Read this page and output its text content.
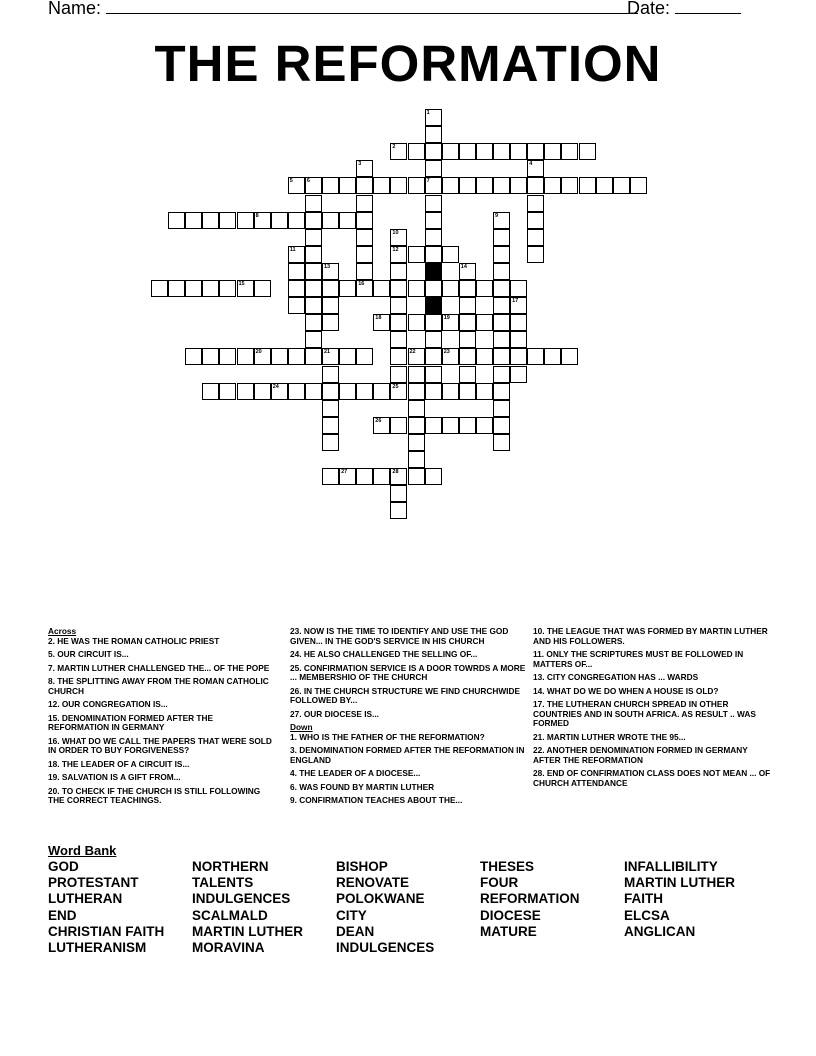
Name:	Date:
THE REFORMATION
1
7
2
3
16
4
5	6
8	9
10
12
11
13	14
15
17
18	19
20	21	22	23
24	25
26
27	28
Across
2. HE WAS THE ROMAN CATHOLIC PRIEST
5. OUR CIRCUIT IS...
7. MARTIN LUTHER CHALLENGED THE... OF THE POPE
8. THE SPLITTING AWAY FROM THE ROMAN CATHOLIC CHURCH
12. OUR CONGREGATION IS...
15. DENOMINATION FORMED AFTER THE REFORMATION IN GERMANY
16. WHAT DO WE CALL THE PAPERS THAT WERE SOLD IN ORDER TO BUY FORGIVENESS?
18. THE LEADER OF A CIRCUIT IS...
19. SALVATION IS A GIFT FROM...
20. TO CHECK IF THE CHURCH IS STILL FOLLOWING THE CORRECT TEACHINGS.
23. NOW IS THE TIME TO IDENTIFY AND USE THE GOD GIVEN... IN THE GOD'S SERVICE IN HIS CHURCH
24. HE ALSO CHALLENGED THE SELLING OF...
25. CONFIRMATION SERVICE IS A DOOR TOWRDS A MORE ... MEMBERSHIO OF THE CHURCH
26. IN THE CHURCH STRUCTURE WE FIND CHURCHWIDE FOLLOWED BY...
27. OUR DIOCESE IS...
Down
1. WHO IS THE FATHER OF THE REFORMATION?
3. DENOMINATION FORMED AFTER THE REFORMATION IN ENGLAND
4. THE LEADER OF A DIOCESE...
6. WAS FOUND BY MARTIN LUTHER
9. CONFIRMATION TEACHES ABOUT THE...
10. THE LEAGUE THAT WAS FORMED BY MARTIN LUTHER AND HIS FOLLOWERS.
11. ONLY THE SCRIPTURES MUST BE FOLLOWED IN MATTERS OF...
13. CITY CONGREGATION HAS ... WARDS
14. WHAT DO WE DO WHEN A HOUSE IS OLD?
17. THE LUTHERAN CHURCH SPREAD IN OTHER COUNTRIES AND IN SOUTH AFRICA. AS RESULT .. WAS FORMED
21. MARTIN LUTHER WROTE THE 95...
22. ANOTHER DENOMINATION FORMED IN GERMANY AFTER THE REFORMATION
28. END OF CONFIRMATION CLASS DOES NOT MEAN ... OF CHURCH ATTENDANCE
Word Bank
GOD
PROTESTANT
LUTHERAN
END
CHRISTIAN FAITH
LUTHERANISM
NORTHERN
TALENTS
INDULGENCES
SCALMALD
MARTIN LUTHER
MORAVINA
BISHOP
RENOVATE
POLOKWANE
CITY
DEAN
INDULGENCES
THESES
FOUR
REFORMATION
DIOCESE
MATURE
INFALLIBILITY
MARTIN LUTHER
FAITH
ELCSA
ANGLICAN
